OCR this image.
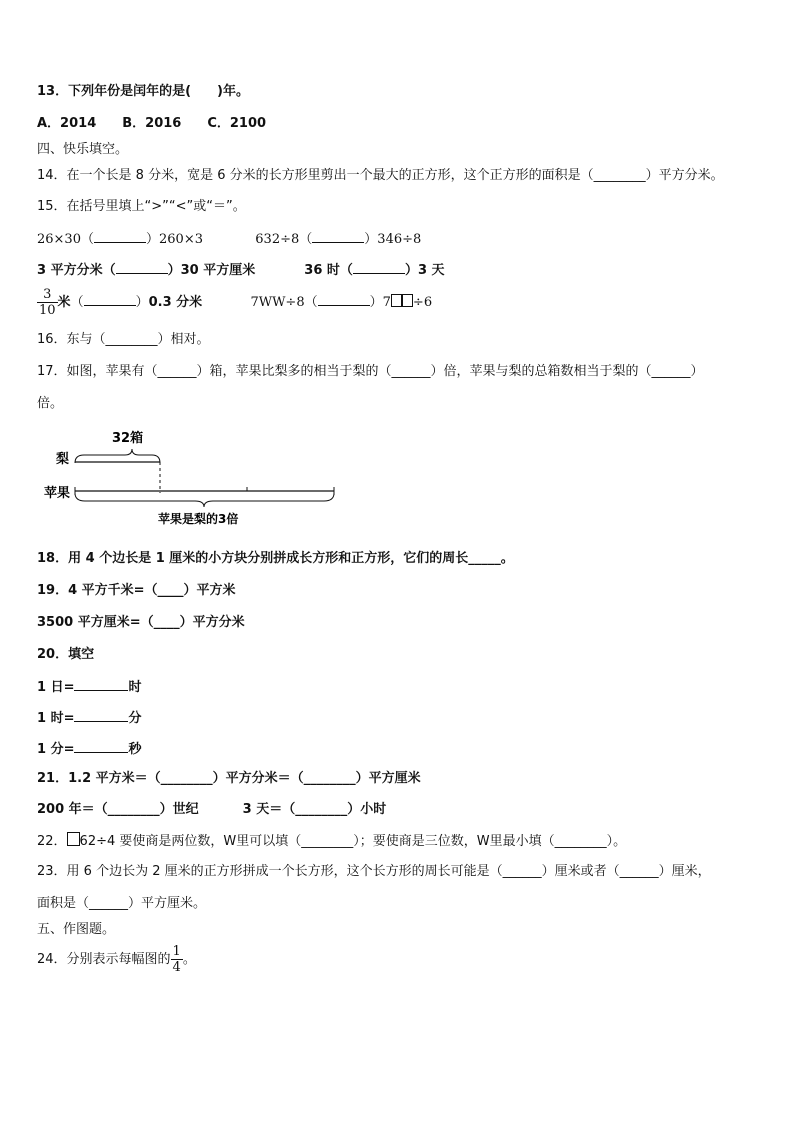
13．下列年份是闰年的是(　　)年。
A．2014　　B．2016　　C．2100
四、快乐填空。
14．在一个长是 8 分米，宽是 6 分米的长方形里剪出一个最大的正方形，这个正方形的面积是（________）平方分米。
15．在括号里填上“>”“<”或“＝”。
26×30（	）260×3	632÷8（	）346÷8
3 平方分米（	）30 平方厘米	36 时（	）3 天
$\frac{3}{10}$ 米（	）0.3 分米	7WW÷8（	）7 ÷6
16．东与（________）相对。
17．如图，苹果有（______）箱，苹果比梨多的相当于梨的（______）倍，苹果与梨的总箱数相当于梨的（______）
倍。
32箱
梨
苹果
苹果是梨的3倍
18．用 4 个边长是 1 厘米的小方块分别拼成长方形和正方形，它们的周长_____。
19．4 平方千米=（____）平方米
3500 平方厘米=（____）平方分米
20．填空
1 日=	时
1 时=	分
1 分=	秒
21．1.2 平方米＝（________）平方分米＝（________）平方厘米
200 年＝（________）世纪	3 天＝（________）小时
22． 62÷4 要使商是两位数，W里可以填（________）；要使商是三位数，W里最小填（________）。
23．用 6 个边长为 2 厘米的正方形拼成一个长方形，这个长方形的周长可能是（______）厘米或者（______）厘米，
面积是（______）平方厘米。
五、作图题。
24．分别表示每幅图的 $\frac{1}{4}$ 。
